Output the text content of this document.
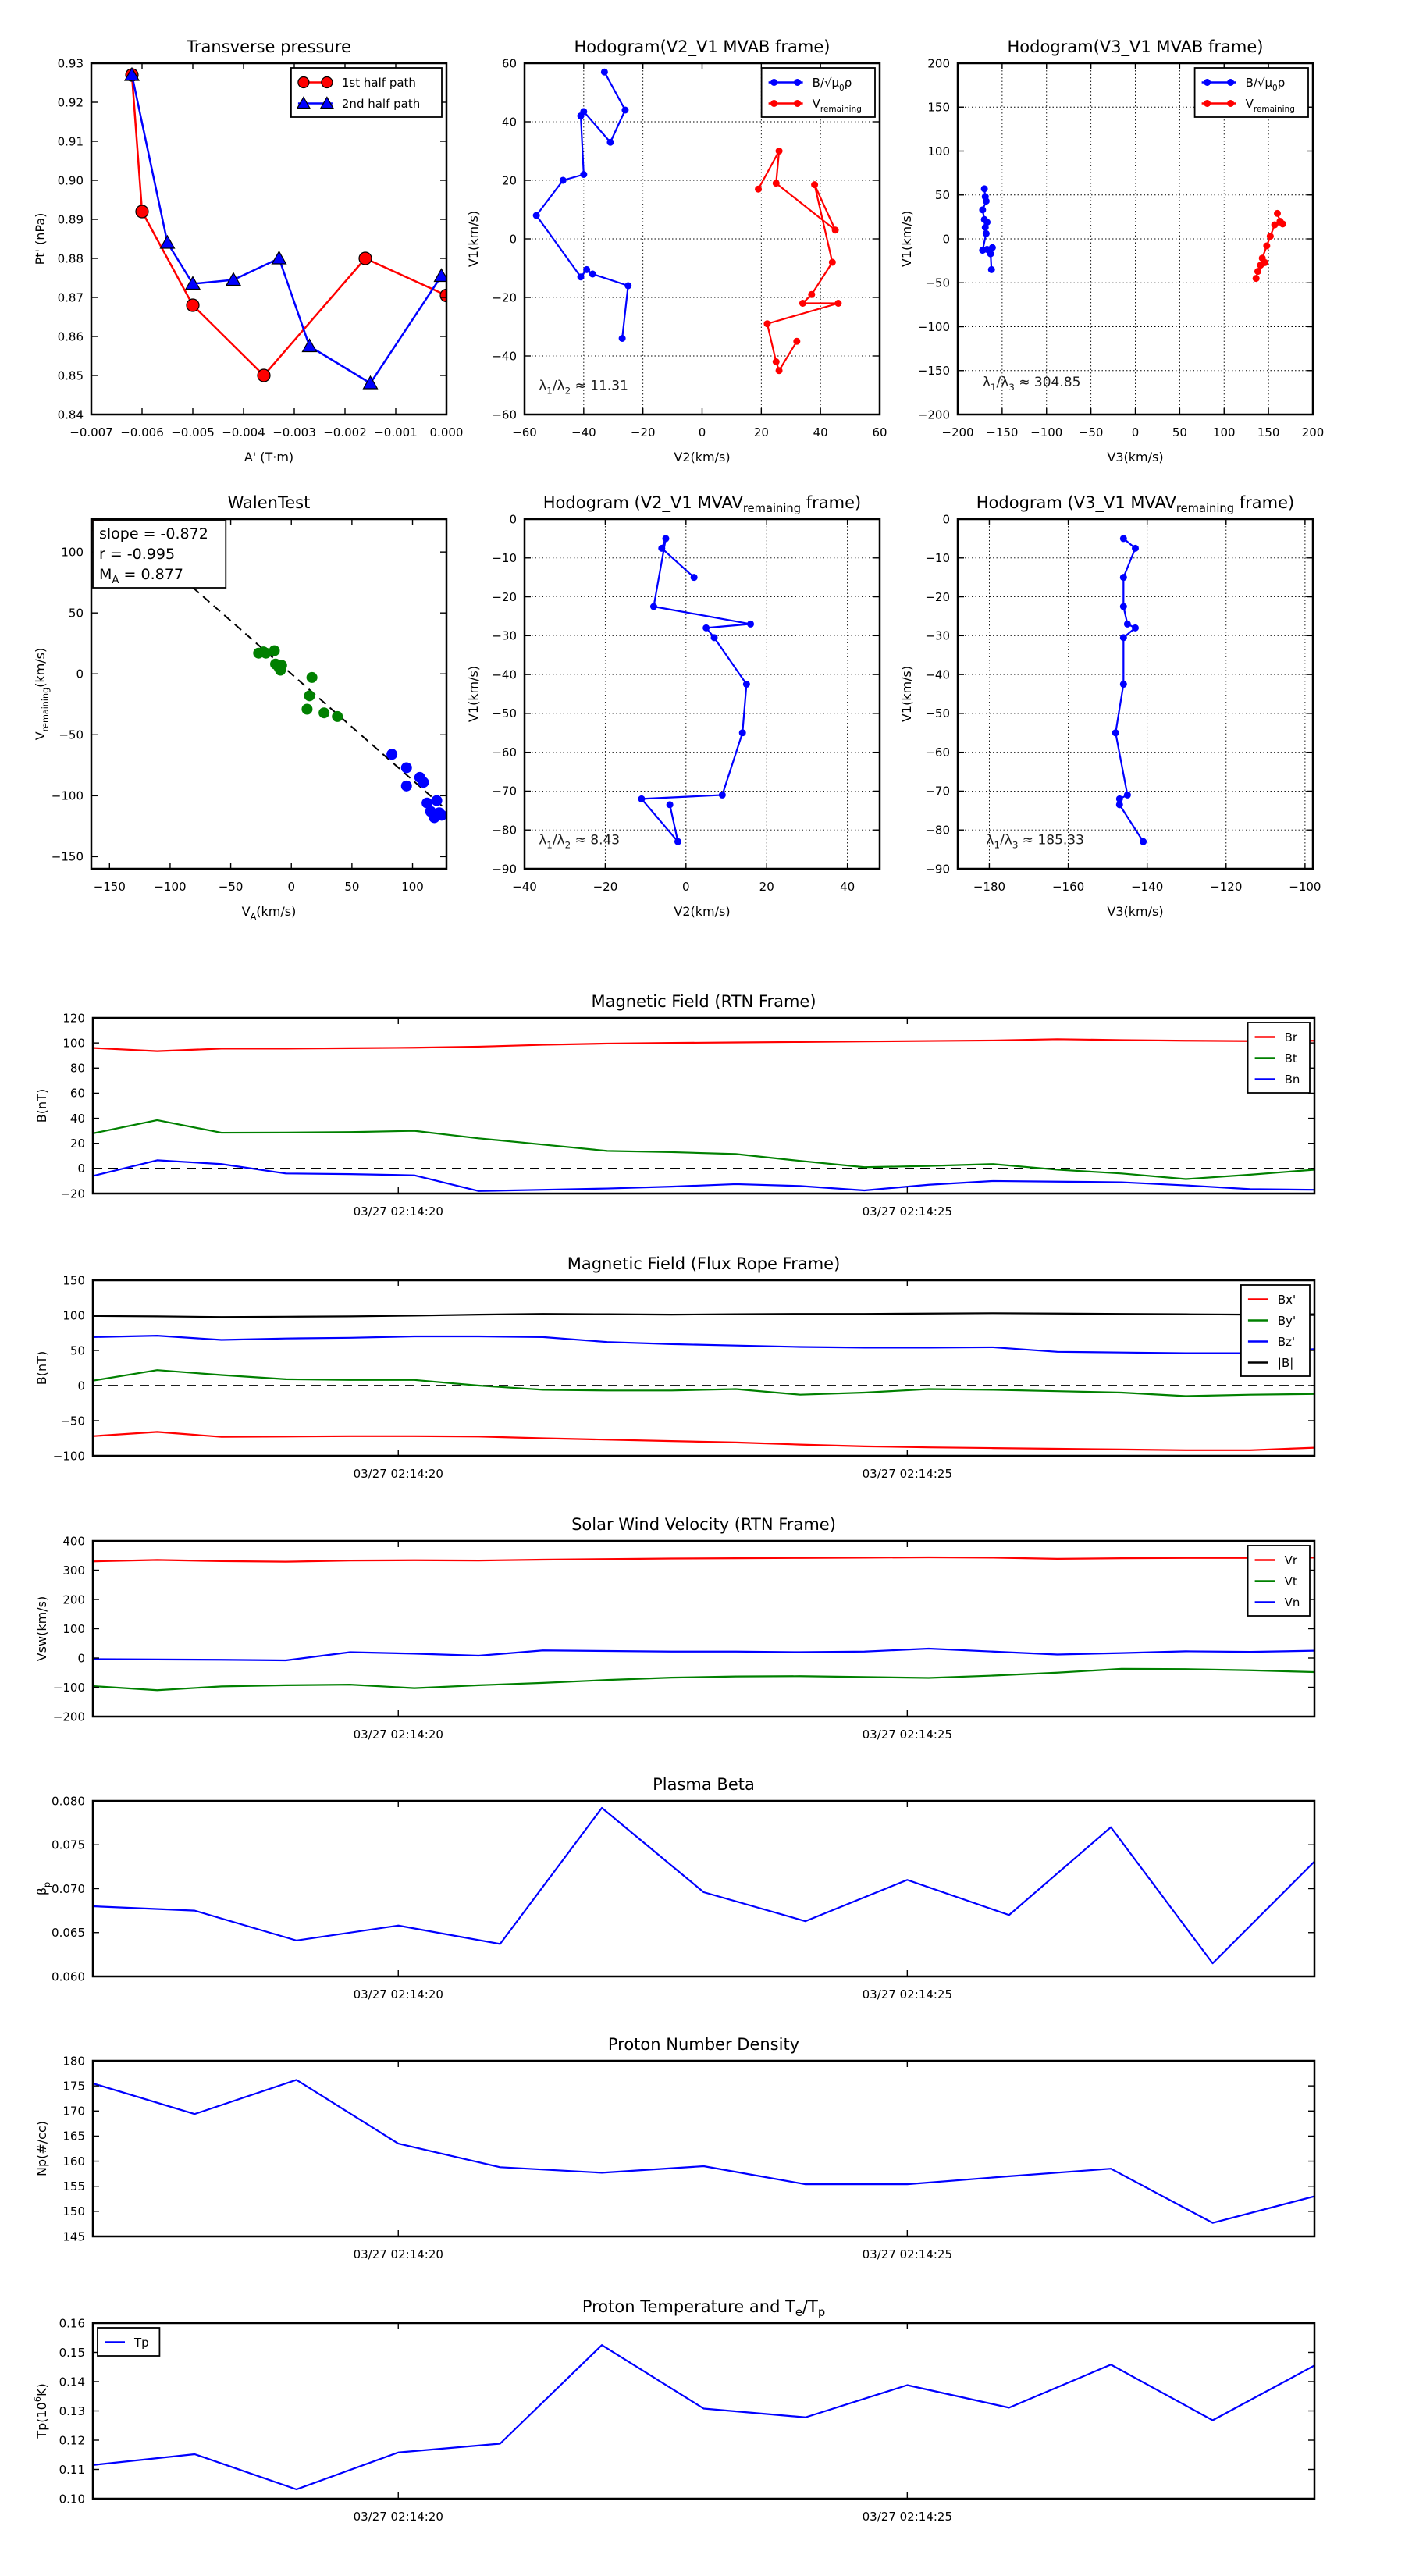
−0.007 −0.006 −0.005 −0.004 −0.003 −0.002 −0.001 0.000
0.84
0.85
0.86
0.87
0.88
0.89
0.90
0.91
0.92
0.93
Transverse pressure
A' (T·m)
Pt' (nPa)
1st half path
2nd half path
−60	−40	−20	0	20	40	60
−60
−40
−20
0
20
40
60
Hodogram(V2_V1 MVAB frame)
V2(km/s)
V1(km/s)
$B/√\mu_0\rho$
$V_{remaining}$
$\lambda_1/\lambda_2 \approx 11.31$
−200 −150 −100 −50 0	50 100 150 200
−200
−150
−100
−50
0
50
100
150
200
Hodogram(V3_V1 MVAB frame)
V3(km/s)
V1(km/s)
$B/√\mu_0\rho$
$V_{remaining}$
$\lambda_1/\lambda_3 \approx 304.85$
−150 −100	−50	0	50	100
−150
−100
−50
0
50
100
WalenTest
$V_A(km/s)$
$V_{remaining}(km/s)$
slope = -0.872
r = -0.995
$M_A = 0.877$
−40	−20	0	20	40
0
−10
−20
−30
−40
−50
−60
−70
−80
−90
Hodogram (V2_V1 $MVAV_{remaining}$ frame)
V2(km/s)
V1(km/s)
$\lambda_1/\lambda_2 \approx 8.43$
−180	−160	−140	−120	−100
0
−10
−20
−30
−40
−50
−60
−70
−80
−90
Hodogram (V3_V1 $MVAV_{remaining}$ frame)
V3(km/s)
V1(km/s)
$\lambda_1/\lambda_3 \approx 185.33$
03/27 02:14:20	03/27 02:14:25
−20
0
20
40
60
80
100
120
Magnetic Field (RTN Frame)
B(nT)
Br
Bt
Bn
03/27 02:14:20	03/27 02:14:25
−100
−50
0
50
100
150
Magnetic Field (Flux Rope Frame)
B(nT)
Bx'
By'
Bz'
|B|
03/27 02:14:20	03/27 02:14:25
−200
−100
0
100
200
300
400
Solar Wind Velocity (RTN Frame)
Vsw(km/s)
Vr
Vt
Vn
03/27 02:14:20	03/27 02:14:25
0.060
0.065
0.070
0.075
0.080
Plasma Beta
$\beta_p$
03/27 02:14:20	03/27 02:14:25
145
150
155
160
165
170
175
180
Proton Number Density
Np(#/cc)
03/27 02:14:20	03/27 02:14:25
0.10
0.11
0.12
0.13
0.14
0.15
0.16
Proton Temperature and $T_e/T_p$
$Tp(10^6K)$
Tp
